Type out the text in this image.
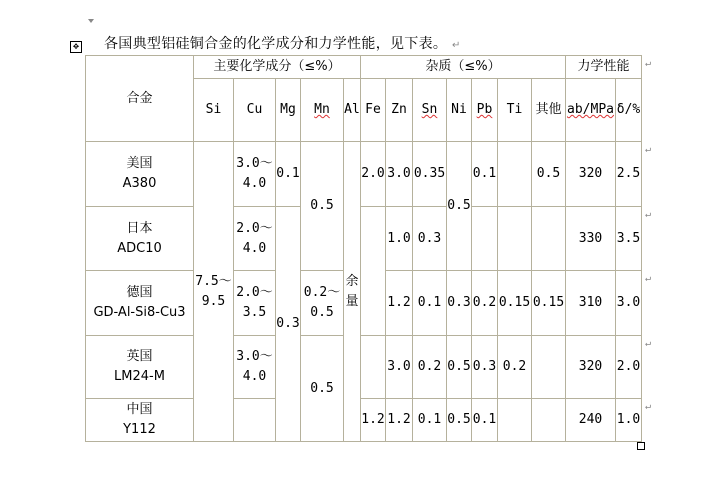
✥ 各国典型铝硅铜合金的化学成分和力学性能，见下表。 ↵
合金	主要化学成分（≤%）					杂质（≤%）							力学性能	
	Si	Cu	Mg	Mn	Al	Fe	Zn	Sn	Ni	Pb	Ti	其他	ab/MPa	δ/%
美国
A380	7.5～9.5	3.0～4.0	0.1	0.5	余量	2.0	3.0	0.35	0.5	0.1		0.5	320	2.5
日本
ADC10		2.0～4.0	0.3				1.0	0.3					330	3.5
德国
GD-Al-Si8-Cu3		2.0～3.5		0.2～0.5			1.2	0.1	0.3	0.2	0.15	0.15	310	3.0
英国
LM24-M		3.0～4.0		0.5			3.0	0.2	0.5	0.3	0.2		320	2.0
中国
Y112						1.2	1.2	0.1	0.5	0.1			240	1.0
↵
↵
↵
↵
↵
↵
